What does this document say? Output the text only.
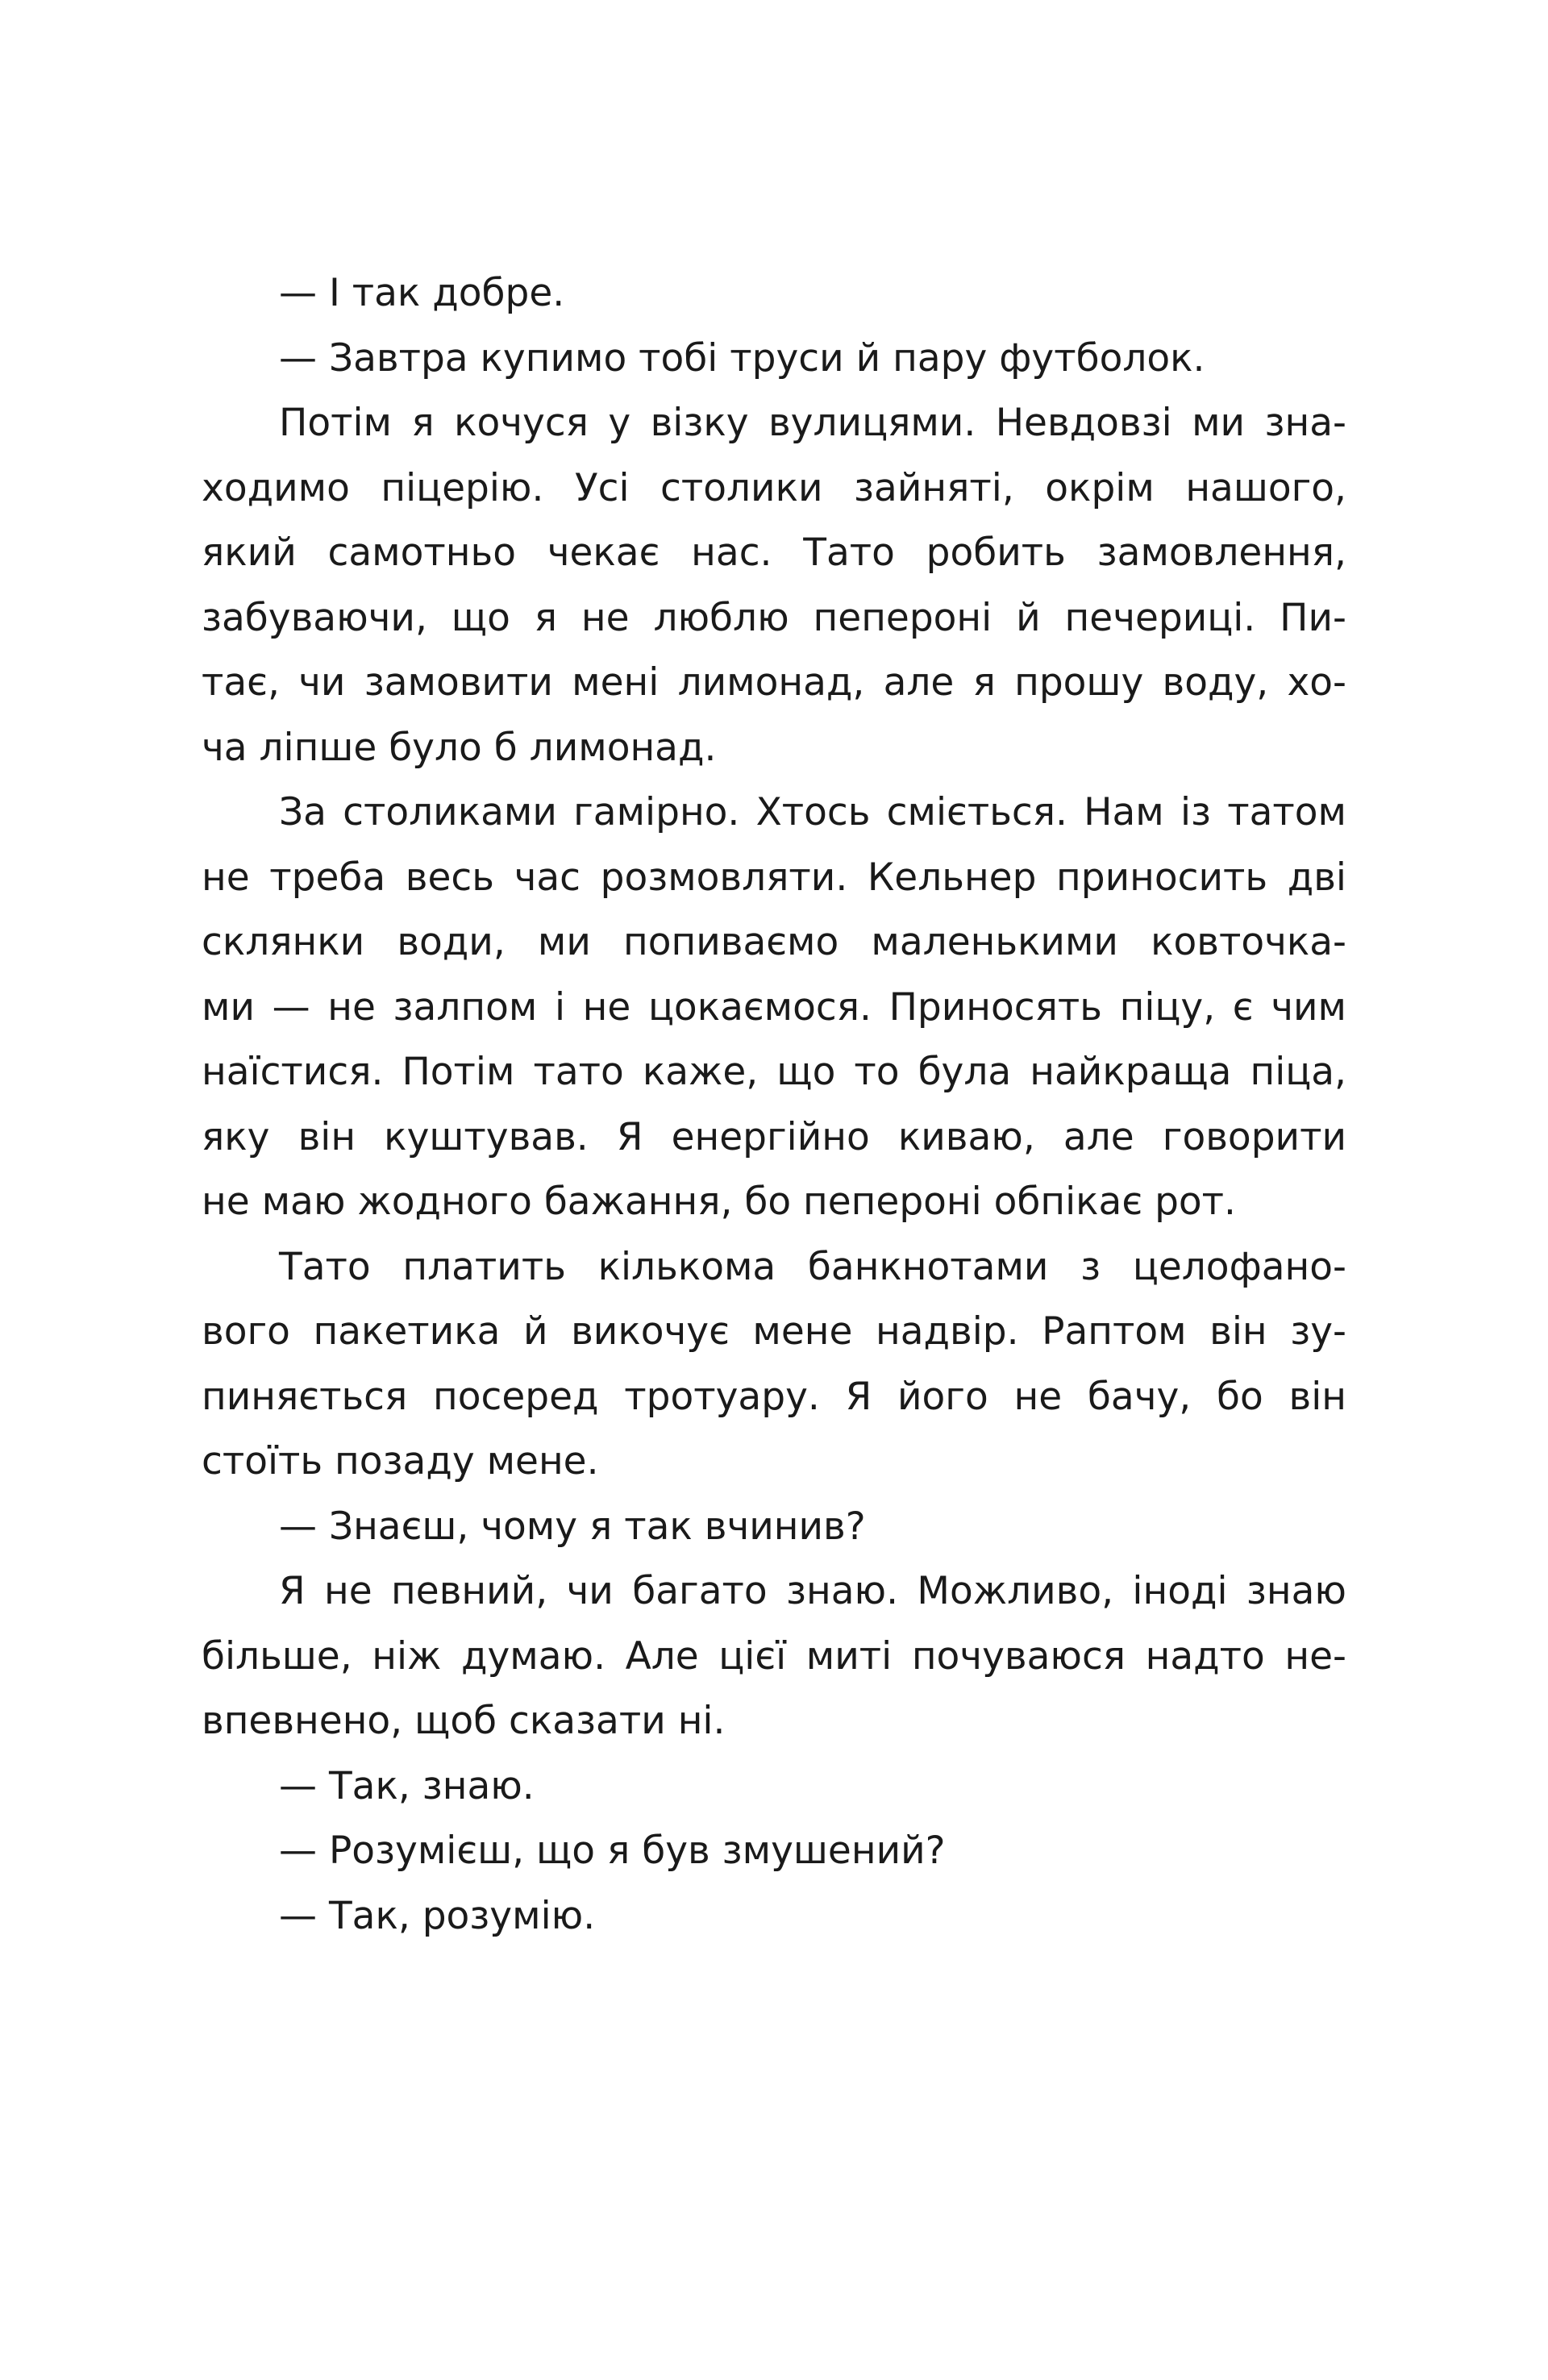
— І так добре.
— Завтра купимо тобі труси й пару футболок.
Потім я кочуся у візку вулицями. Невдовзі ми зна-
ходимо піцерію. Усі столики зайняті, окрім нашого,
який самотньо чекає нас. Тато робить замовлення,
забуваючи, що я не люблю пепероні й печериці. Пи-
тає, чи замовити мені лимонад, але я прошу воду, хо-
ча ліпше було б лимонад.
За столиками гамірно. Хтось сміється. Нам із татом
не треба весь час розмовляти. Кельнер приносить дві
склянки води, ми попиваємо маленькими ковточка-
ми — не залпом і не цокаємося. Приносять піцу, є чим
наїстися. Потім тато каже, що то була найкраща піца,
яку він куштував. Я енергійно киваю, але говорити
не маю жодного бажання, бо пепероні обпікає рот.
Тато платить кількома банкнотами з целофано-
вого пакетика й викочує мене надвір. Раптом він зу-
пиняється посеред тротуару. Я його не бачу, бо він
стоїть позаду мене.
— Знаєш, чому я так вчинив?
Я не певний, чи багато знаю. Можливо, іноді знаю
більше, ніж думаю. Але цієї миті почуваюся надто не-
впевнено, щоб сказати ні.
— Так, знаю.
— Розумієш, що я був змушений?
— Так, розумію.
